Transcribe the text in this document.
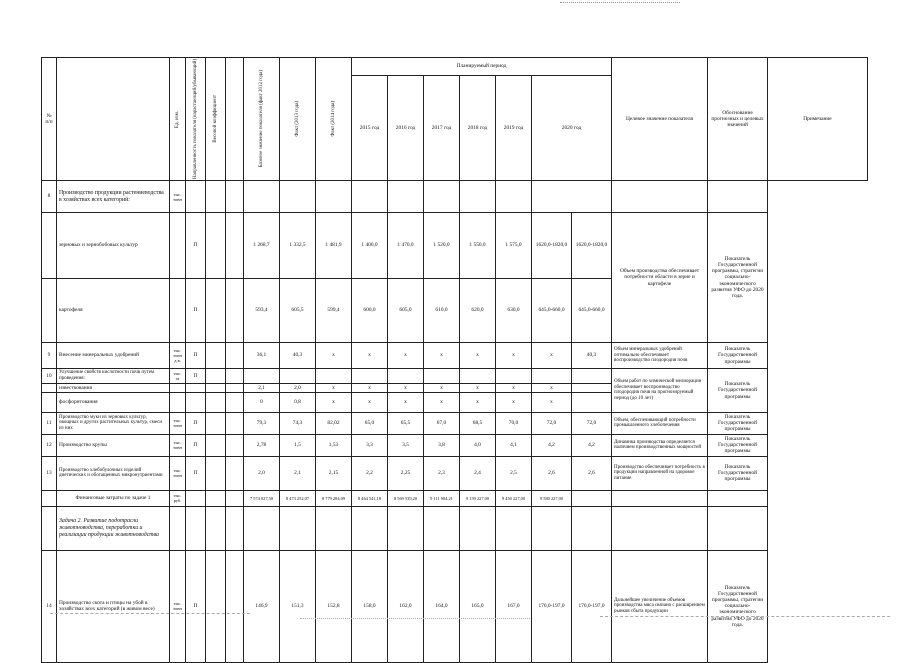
№ п/п		Ед. изм.	Направленность показателя (нарастающий/убывающий)	Весовой коэффициент		Базовое значение показателя (факт 2012 года)	Факт (2013 года)	Факт (2014 года)	Планируемый период							Целевое значение показателя	Обоснование прогнозных и целевых значений	Примечание
									2015 год	2016 год	2017 год	2018 год	2019 год	2020 год				
8	Производство продукции растениеводства в хозяйствах всех категорий:	тыс. тонн																
	зерновых и зернобобовых культур		П			1 268,7	1 332,5	1 481,9	1 400,0	1 470,0	1 520,0	1 550,0	1 575,0	1620,0-1820,0	1620,0-1820,0	Объем производства обеспечивает потребности области в зерне и картофеле	Показатель Государственной программы, стратегии социально-экономического развития УФО до 2020 года.	
	картофеля		П			593,4	605,5	599,4	600,0	605,0	610,0	620,0	630,0	645,0-660,0	645,0-660,0			
9	Внесение минеральных удобрений	тыс. тонн д.в.	П			36,1	40,3	х	х	х	х	х	х	х	40,3	Объем минеральных удобрений оптимально обеспечивает воспроизводство плодородия почв	Показатель Государственной программы	
10	Улучшение свойств кислотности почв путем проведения:	тыс. га	П													Объем работ по химической мелиорации обеспечивает воспроизводство плодородия почв на прогнозируемый период (до 10 лет)	Показатель Государственной программы	
	известкования					2,1	2,0	х	х	х	х	х	х	х				
	фосфоритования					0	0,8	х	х	х	х	х	х	х				
11	Производство муки из зерновых культур, овощных и других растительных культур, смеси из них	тыс. тонн	П			79,3	74,3	82,02	65,0	65,5	67,0	68,5	70,0	72,0	72,0	Объем, обеспечивающий потребности промышленного хлебопечения	Показатель Государственной программы	
12	Производство крупы	тыс. тонн	П			2,78	1,5	1,53	3,3	3,5	3,8	4,0	4,1	4,2	4,2	Динамика производства определяется наличием производственных мощностей	Показатель Государственной программы	
13	Производство хлебобулочных изделий диетических и обогащенных микронутриентами	тыс. тонн	П			2,0	2,1	2,15	2,2	2,25	2,3	2,4	2,5	2,6	2,6	Производство обеспечивает потребность в продукции направленной на здоровое питание	Показатель Государственной программы	
	Финансовые затраты по задаче 1	тыс. руб.				7 574 027,58	8 473 252,07	8 779 284,09	8 464 541,18	8 569 539,20	9 111 904,21	9 159 227,00	9 450 227,00	9 580 227,00				
	Задача 2. Развитие подотрасли животноводства, переработки и реализации продукции животноводства																	
14	Производство скота и птицы на убой в хозяйствах всех категорий (в живом весе)	тыс. тонн	П			146,9	151,3	152,8	158,0	162,0	164,0	165,0	167,0	170,0-197,0	170,0-197,0	Дальнейшее увеличение объемов производства мяса связано с расширением рынков сбыта продукции	Показатель Государственной программы, стратегии социально-экономического развития УФО до 2020 года.	
